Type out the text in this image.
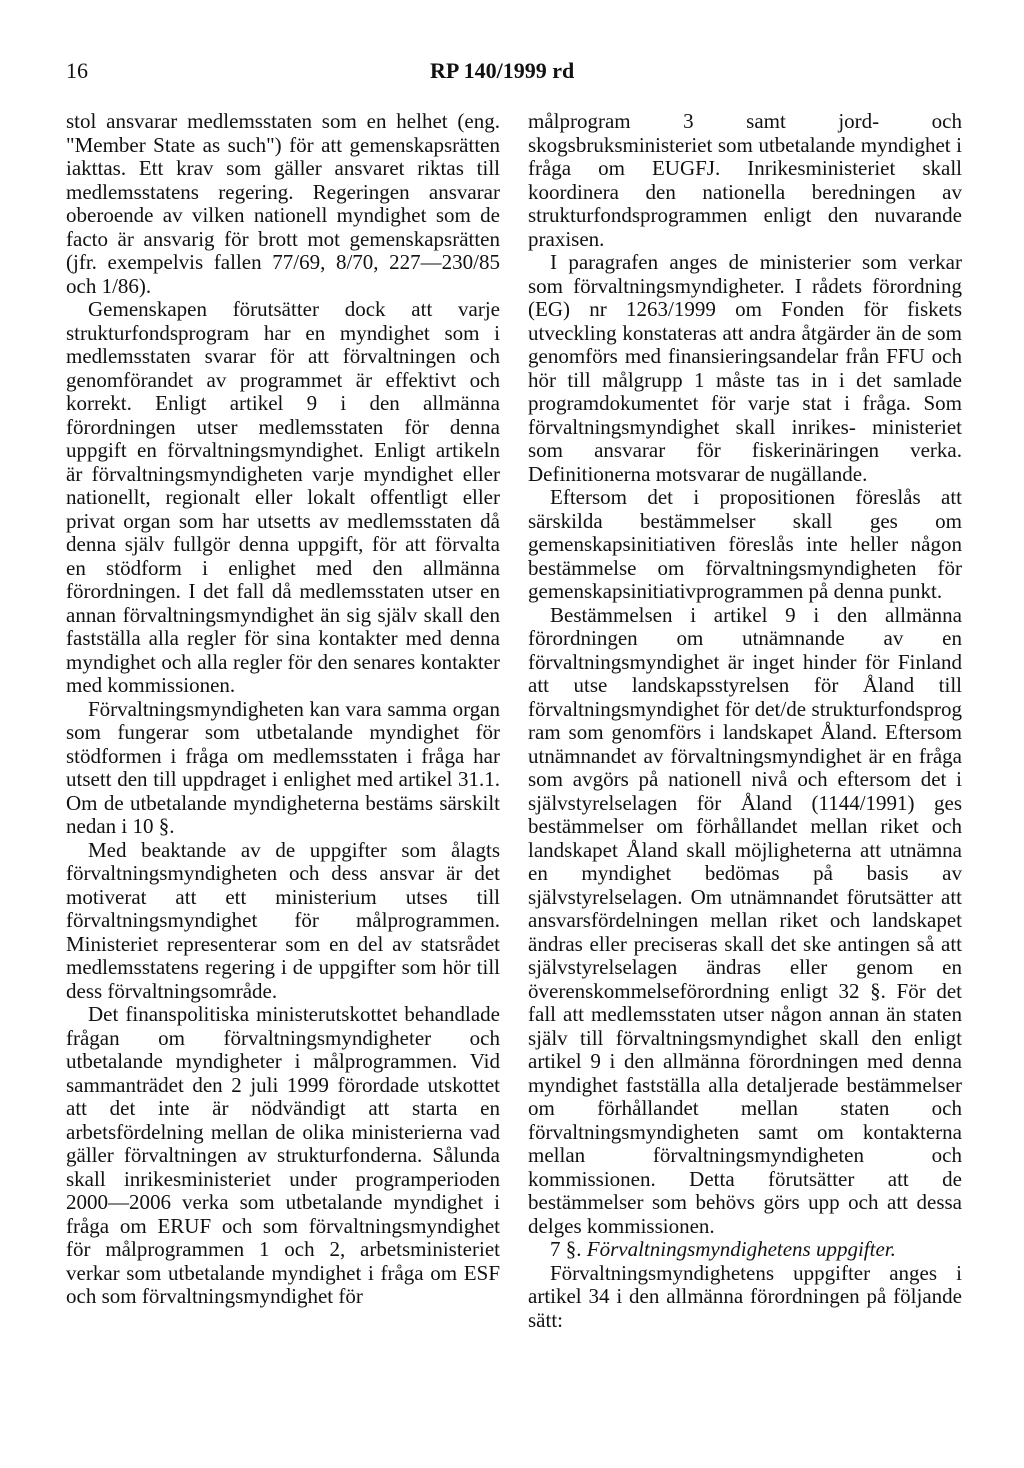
16	RP 140/1999 rd

stol ansvarar medlemsstaten som en helhet (eng. "Member State as such") för att gemenskapsrätten iakttas. Ett krav som gäller ansvaret riktas till medlemsstatens regering. Regeringen ansvarar oberoende av vilken nationell myndighet som de facto är ansvarig för brott mot gemenskapsrätten (jfr. exempelvis fallen 77/69, 8/70, 227—230/85 och 1/86).

Gemenskapen förutsätter dock att varje strukturfondsprogram har en myndighet som i medlemsstaten svarar för att förvaltningen och genomförandet av programmet är effektivt och korrekt. Enligt artikel 9 i den allmänna förordningen utser medlemsstaten för denna uppgift en förvaltningsmyndighet. Enligt artikeln är förvaltningsmyndigheten varje myndighet eller nationellt, regionalt eller lokalt offentligt eller privat organ som har utsetts av medlemsstaten då denna själv fullgör denna uppgift, för att förvalta en stödform i enlighet med den allmänna förordningen. I det fall då medlemsstaten utser en annan förvaltningsmyndighet än sig själv skall den fastställa alla regler för sina kontakter med denna myndighet och alla regler för den senares kontakter med kommissionen.

Förvaltningsmyndigheten kan vara samma organ som fungerar som utbetalande myndighet för stödformen i fråga om medlemsstaten i fråga har utsett den till uppdraget i enlighet med artikel 31.1. Om de utbetalande myndigheterna bestäms särskilt nedan i 10 §.

Med beaktande av de uppgifter som ålagts förvaltningsmyndigheten och dess ansvar är det motiverat att ett ministerium utses till förvaltningsmyndighet för målprogrammen. Ministeriet representerar som en del av statsrådet medlemsstatens regering i de uppgifter som hör till dess förvaltningsområde.

Det finanspolitiska ministerutskottet behandlade frågan om förvaltningsmyndigheter och utbetalande myndigheter i målprogrammen. Vid sammanträdet den 2 juli 1999 förordade utskottet att det inte är nödvändigt att starta en arbetsfördelning mellan de olika ministerierna vad gäller förvaltningen av strukturfonderna. Sålunda skall inrikesministeriet under programperioden 2000—2006 verka som utbetalande myndighet i fråga om ERUF och som förvaltningsmyndighet för målprogrammen 1 och 2, arbetsministeriet verkar som utbetalande myndighet i fråga om ESF och som förvaltningsmyndighet för

målprogram 3 samt jord- och skogsbruksministeriet som utbetalande myndighet i fråga om EUGFJ. Inrikesministeriet skall koordinera den nationella beredningen av strukturfondsprogrammen enligt den nuvarande praxisen.

I paragrafen anges de ministerier som verkar som förvaltningsmyndigheter. I rådets förordning (EG) nr 1263/1999 om Fonden för fiskets utveckling konstateras att andra åtgärder än de som genomförs med finansieringsandelar från FFU och hör till målgrupp 1 måste tas in i det samlade programdokumentet för varje stat i fråga. Som förvaltningsmyndighet skall inrikes- ministeriet som ansvarar för fiskerinäringen verka. Definitionerna motsvarar de nugällande.

Eftersom det i propositionen föreslås att särskilda bestämmelser skall ges om gemenskapsinitiativen föreslås inte heller någon bestämmelse om förvaltningsmyndigheten för gemenskapsinitiativprogrammen på denna punkt.

Bestämmelsen i artikel 9 i den allmänna förordningen om utnämnande av en förvaltningsmyndighet är inget hinder för Finland att utse landskapsstyrelsen för Åland till förvaltningsmyndighet för det/de strukturfondsprog ram som genomförs i landskapet Åland. Eftersom utnämnandet av förvaltningsmyndighet är en fråga som avgörs på nationell nivå och eftersom det i självstyrelselagen för Åland (1144/1991) ges bestämmelser om förhållandet mellan riket och landskapet Åland skall möjligheterna att utnämna en myndighet bedömas på basis av självstyrelselagen. Om utnämnandet förutsätter att ansvarsfördelningen mellan riket och landskapet ändras eller preciseras skall det ske antingen så att självstyrelselagen ändras eller genom en överenskommelseförordning enligt 32 §. För det fall att medlemsstaten utser någon annan än staten själv till förvaltningsmyndighet skall den enligt artikel 9 i den allmänna förordningen med denna myndighet fastställa alla detaljerade bestämmelser om förhållandet mellan staten och förvaltningsmyndigheten samt om kontakterna mellan förvaltningsmyndigheten och kommissionen. Detta förutsätter att de bestämmelser som behövs görs upp och att dessa delges kommissionen.

7 §. Förvaltningsmyndighetens uppgifter.

Förvaltningsmyndighetens uppgifter anges i artikel 34 i den allmänna förordningen på följande sätt:
